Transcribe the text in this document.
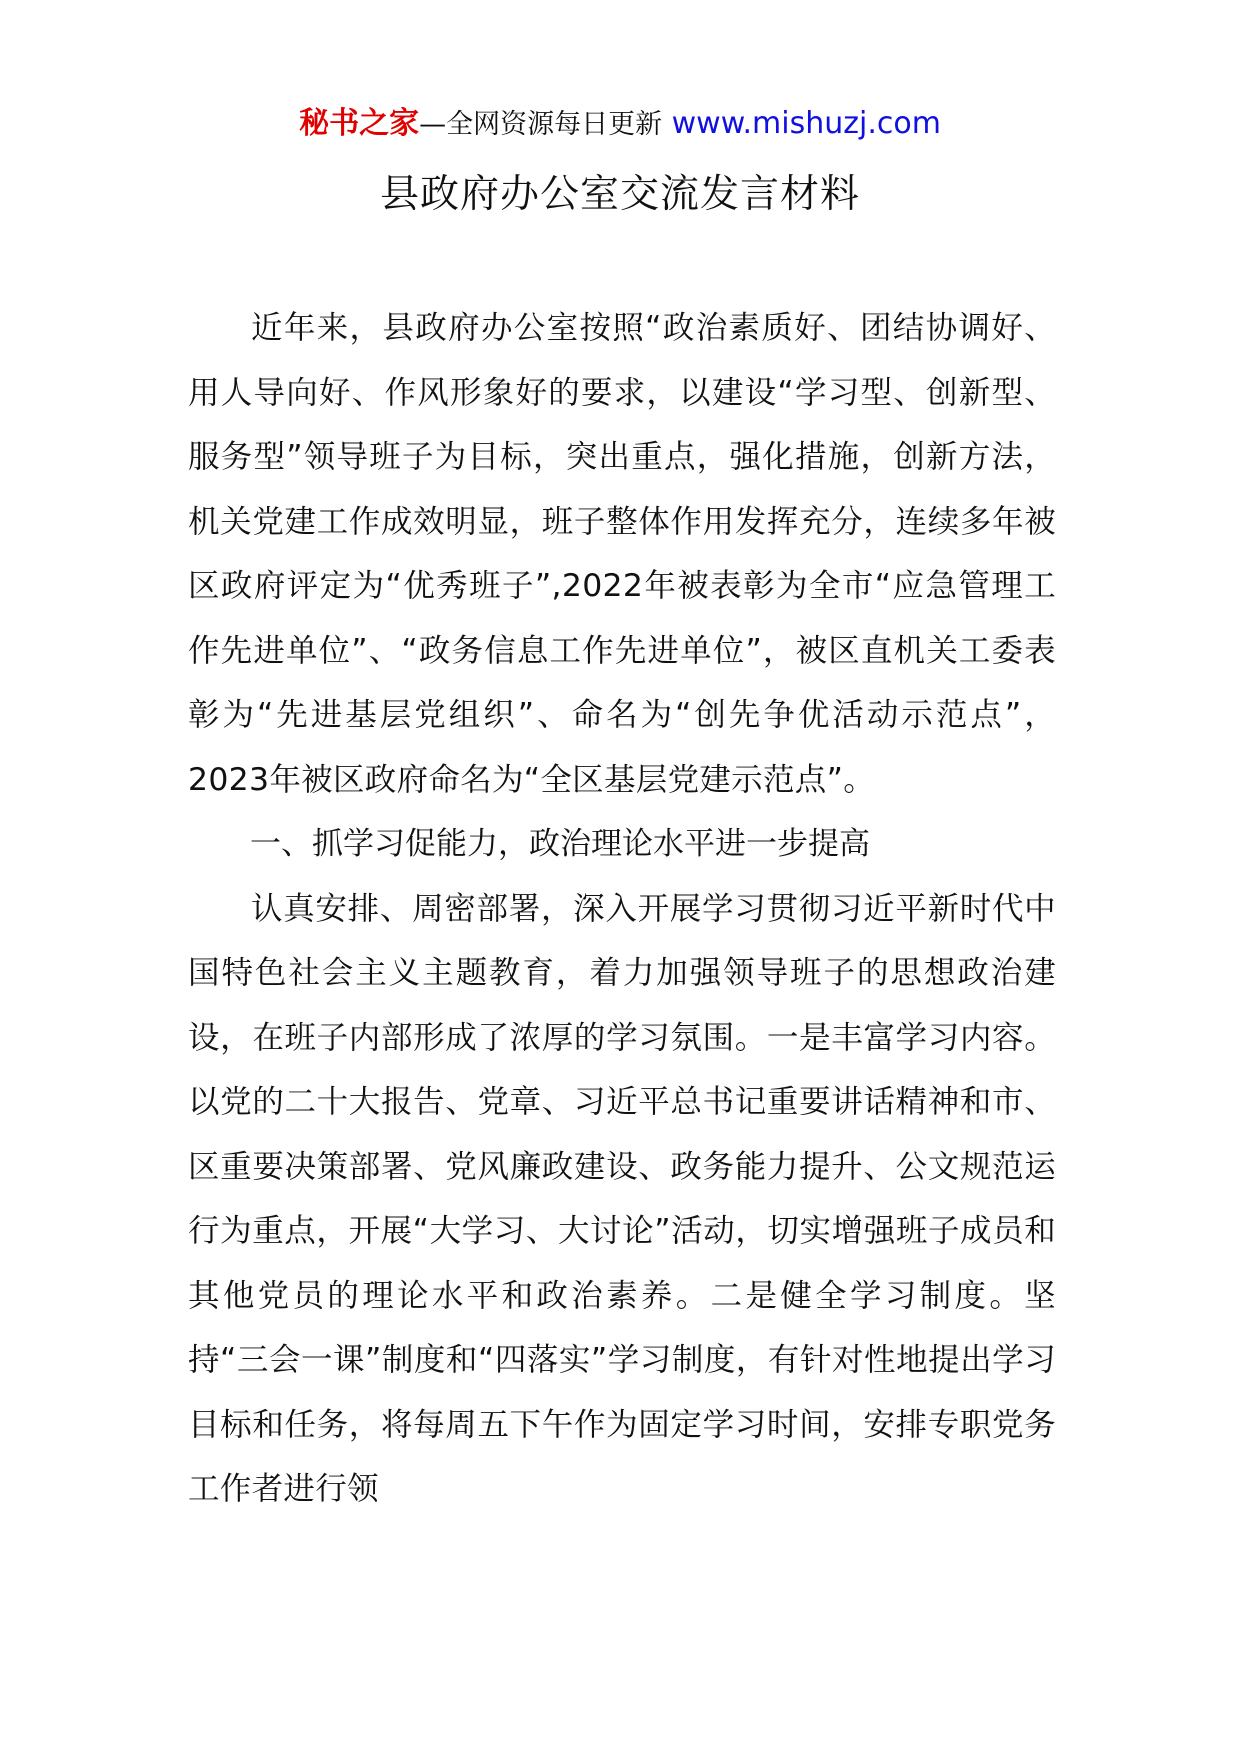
秘书之家—全网资源每日更新 www.mishuzj.com
县政府办公室交流发言材料

近年来，县政府办公室按照“政治素质好、团结协调好、用人导向好、作风形象好的要求，以建设“学习型、创新型、服务型”领导班子为目标，突出重点，强化措施，创新方法，机关党建工作成效明显，班子整体作用发挥充分，连续多年被区政府评定为“优秀班子”,2022年被表彰为全市“应急管理工作先进单位”、“政务信息工作先进单位”，被区直机关工委表彰为“先进基层党组织”、命名为“创先争优活动示范点”，2023年被区政府命名为“全区基层党建示范点”。

一、抓学习促能力，政治理论水平进一步提高

认真安排、周密部署，深入开展学习贯彻习近平新时代中国特色社会主义主题教育，着力加强领导班子的思想政治建设，在班子内部形成了浓厚的学习氛围。一是丰富学习内容。以党的二十大报告、党章、习近平总书记重要讲话精神和市、区重要决策部署、党风廉政建设、政务能力提升、公文规范运行为重点，开展“大学习、大讨论”活动，切实增强班子成员和其他党员的理论水平和政治素养。二是健全学习制度。坚持“三会一课”制度和“四落实”学习制度，有针对性地提出学习目标和任务，将每周五下午作为固定学习时间，安排专职党务工作者进行领
